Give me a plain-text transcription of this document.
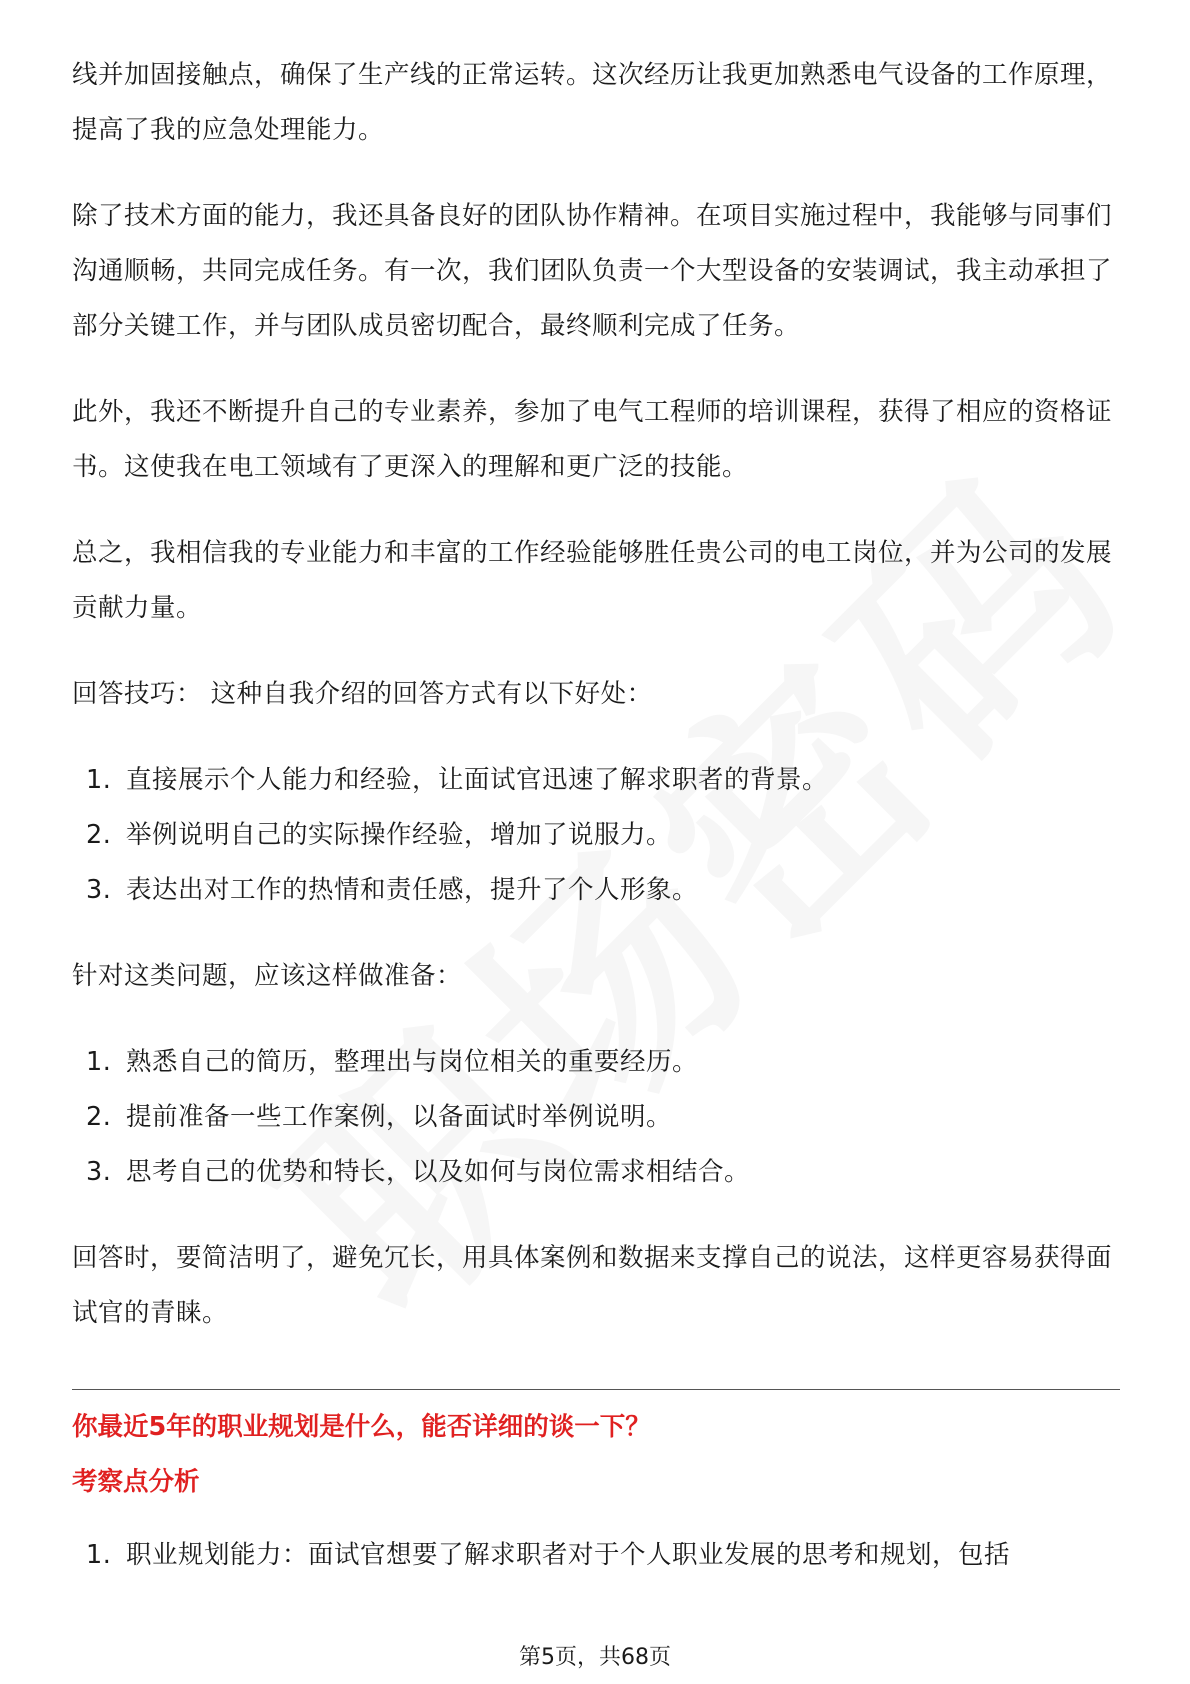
线并加固接触点，确保了生产线的正常运转。这次经历让我更加熟悉电气设备的工作原理，提高了我的应急处理能力。

除了技术方面的能力，我还具备良好的团队协作精神。在项目实施过程中，我能够与同事们沟通顺畅，共同完成任务。有一次，我们团队负责一个大型设备的安装调试，我主动承担了部分关键工作，并与团队成员密切配合，最终顺利完成了任务。

此外，我还不断提升自己的专业素养，参加了电气工程师的培训课程，获得了相应的资格证书。这使我在电工领域有了更深入的理解和更广泛的技能。

总之，我相信我的专业能力和丰富的工作经验能够胜任贵公司的电工岗位，并为公司的发展贡献力量。

回答技巧： 这种自我介绍的回答方式有以下好处：

1. 直接展示个人能力和经验，让面试官迅速了解求职者的背景。
2. 举例说明自己的实际操作经验，增加了说服力。
3. 表达出对工作的热情和责任感，提升了个人形象。

针对这类问题，应该这样做准备：

1. 熟悉自己的简历，整理出与岗位相关的重要经历。
2. 提前准备一些工作案例，以备面试时举例说明。
3. 思考自己的优势和特长，以及如何与岗位需求相结合。

回答时，要简洁明了，避免冗长，用具体案例和数据来支撑自己的说法，这样更容易获得面试官的青睐。

你最近5年的职业规划是什么，能否详细的谈一下？

考察点分析

1. 职业规划能力：面试官想要了解求职者对于个人职业发展的思考和规划，包括
第5页，共68页
